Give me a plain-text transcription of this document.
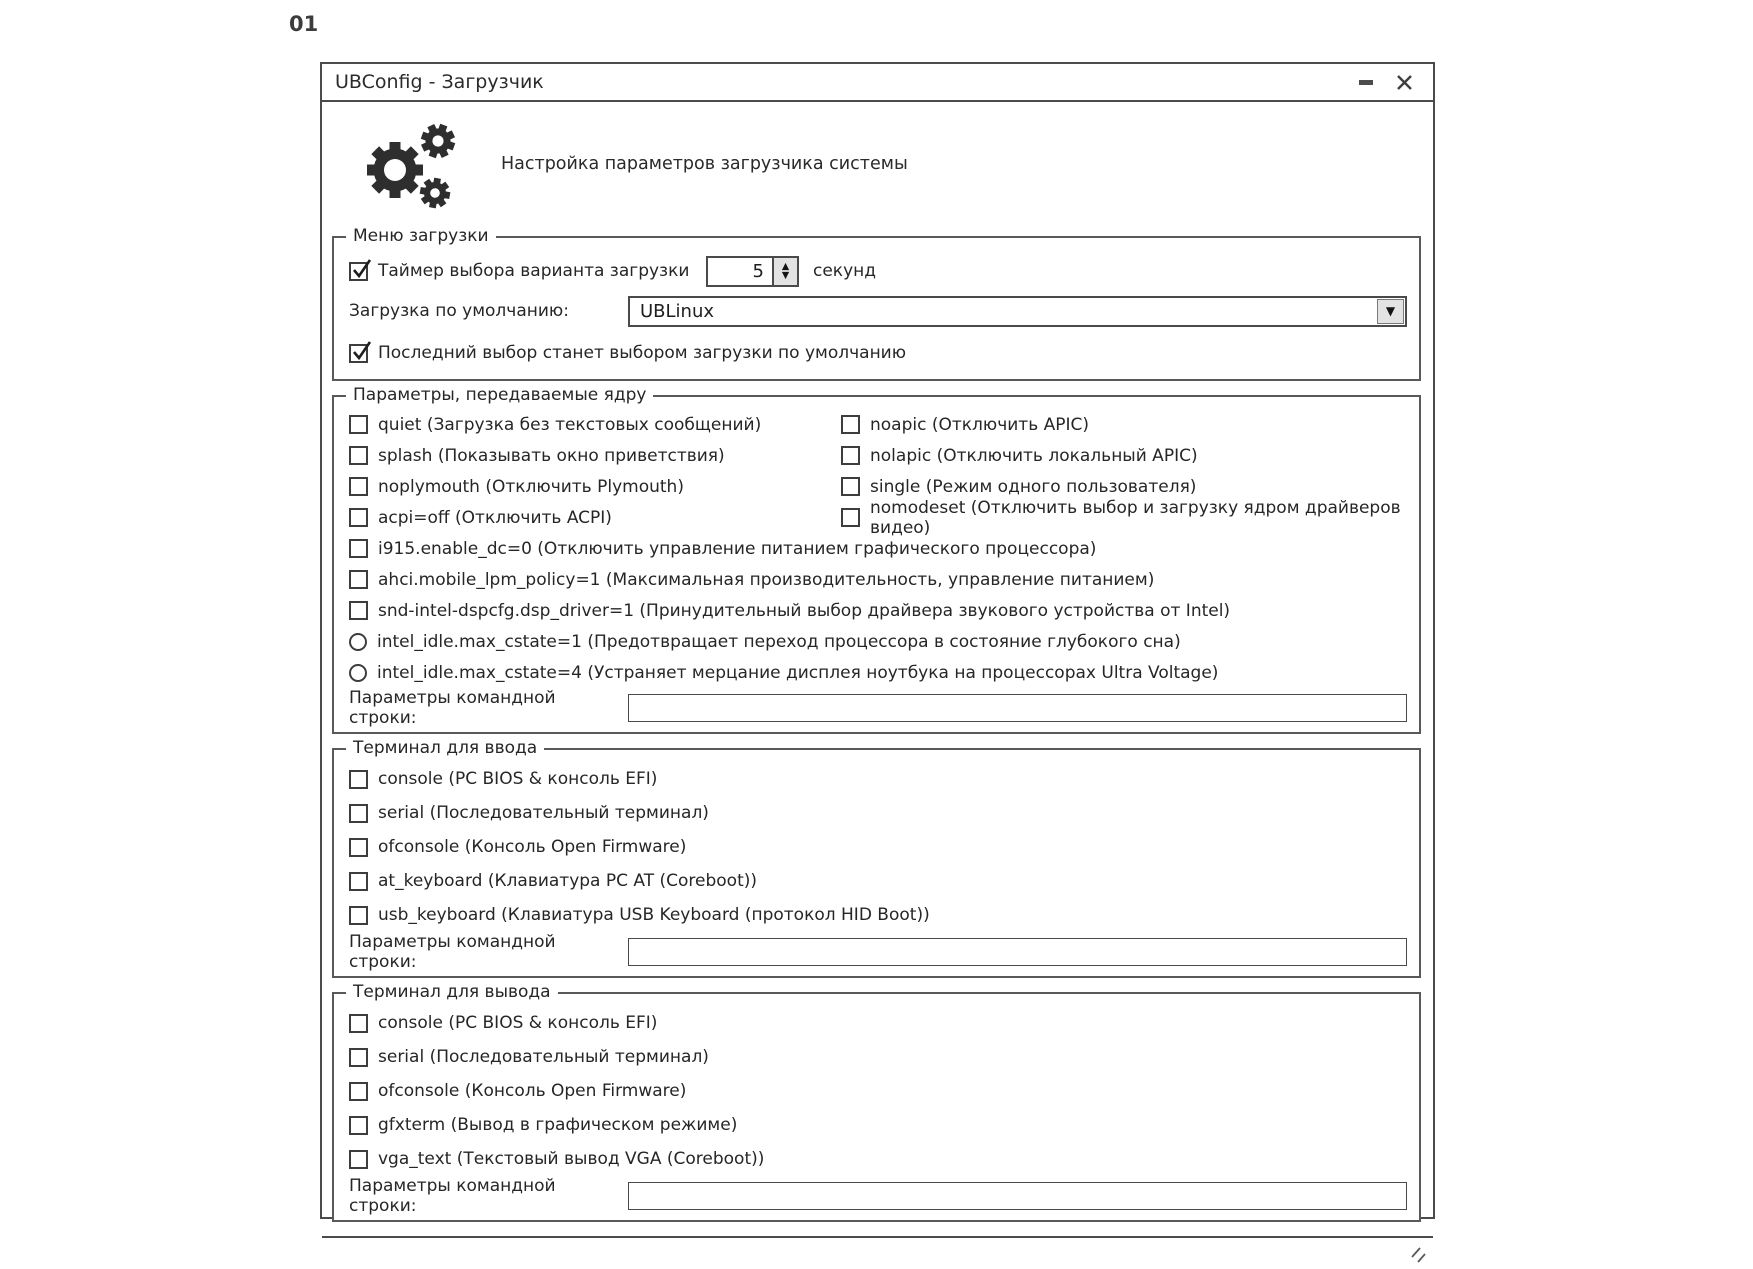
01
UBConfig - Загрузчик
Настройка параметров загрузчика системы
Меню загрузки
Таймер выбора варианта загрузки
5	▲
▼ секунд
Загрузка по умолчанию:	UBLinux	▼
Последний выбор станет выбором загрузки по умолчанию
Параметры, передаваемые ядру
quiet (Загрузка без текстовых сообщений)	noapic (Отключить APIC)
splash (Показывать окно приветствия)	nolapic (Отключить локальный APIC)
noplymouth (Отключить Plymouth)	single (Режим одного пользователя)
acpi=off (Отключить ACPI)	nomodeset (Отключить выбор и загрузку ядром драйверов видео)
i915.enable_dc=0 (Отключить управление питанием графического процессора)
ahci.mobile_lpm_policy=1 (Максимальная производительность, управление питанием)
snd-intel-dspcfg.dsp_driver=1 (Принудительный выбор драйвера звукового устройства от Intel)
intel_idle.max_cstate=1 (Предотвращает переход процессора в состояние глубокого сна)
intel_idle.max_cstate=4 (Устраняет мерцание дисплея ноутбука на процессорах Ultra Voltage)
Параметры командной строки:
Терминал для ввода
console (PC BIOS & консоль EFI)
serial (Последовательный терминал)
ofconsole (Консоль Open Firmware)
at_keyboard (Клавиатура PC AT (Coreboot))
usb_keyboard (Клавиатура USB Keyboard (протокол HID Boot))
Параметры командной строки:
Терминал для вывода
console (PC BIOS & консоль EFI)
serial (Последовательный терминал)
ofconsole (Консоль Open Firmware)
gfxterm (Вывод в графическом режиме)
vga_text (Текстовый вывод VGA (Coreboot))
Параметры командной строки:
